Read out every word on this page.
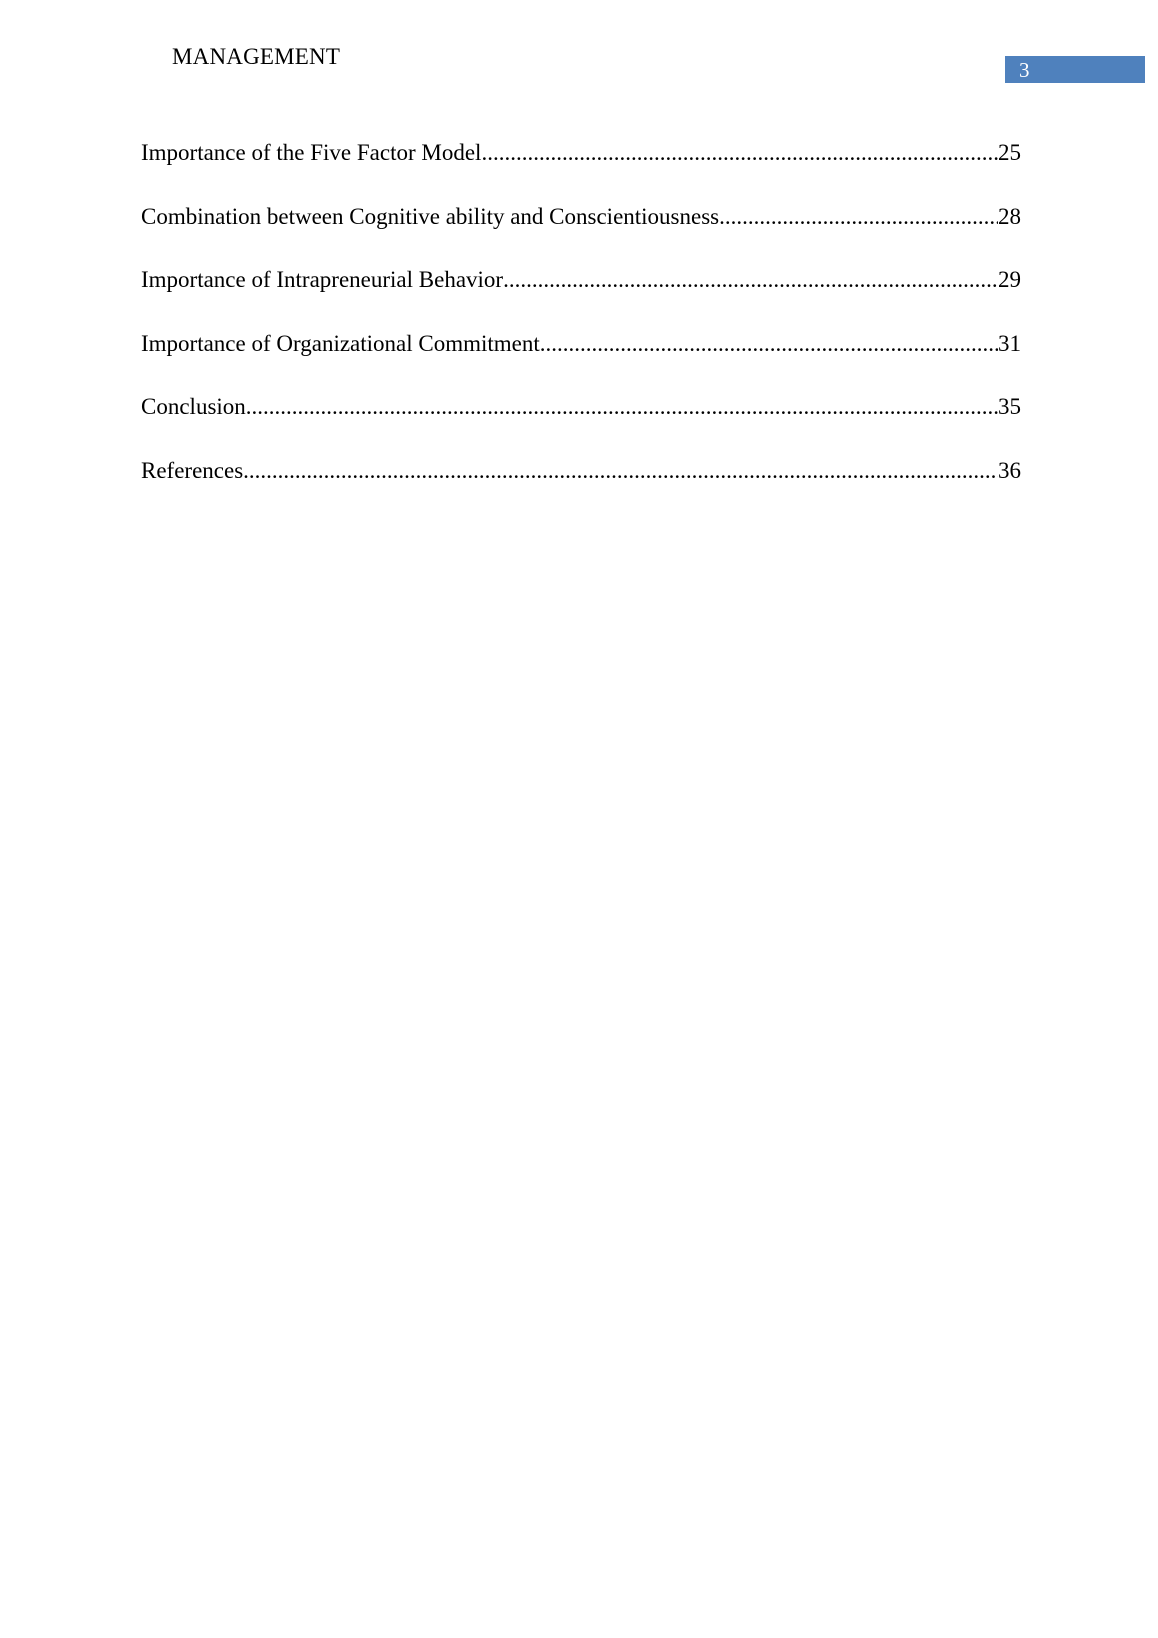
MANAGEMENT
3
Importance of the Five Factor Model .....	25
Combination between Cognitive ability and Conscientiousness .....	28
Importance of Intrapreneurial Behavior .....	29
Importance of Organizational Commitment .....	31
Conclusion .....	35
References .....	36
